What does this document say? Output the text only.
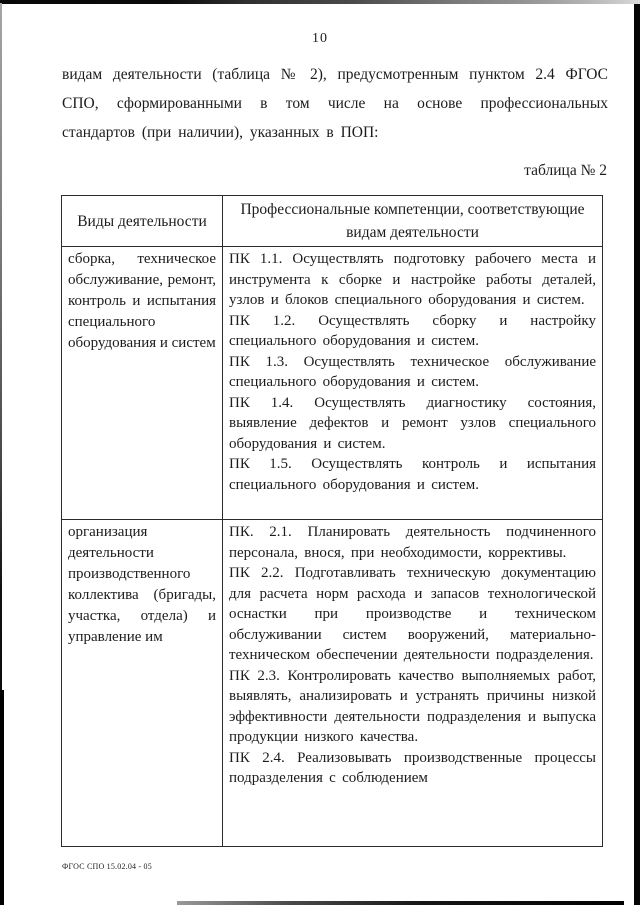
10

видам деятельности (таблица № 2), предусмотренным пунктом 2.4 ФГОС СПО, сформированными в том числе на основе профессиональных стандартов (при наличии), указанных в ПОП:

таблица № 2
Виды деятельности	Профессиональные компетенции, соответствующие видам деятельности

сборка, техническое обслуживание, ремонт, контроль и испытания специального оборудования и систем	ПК 1.1. Осуществлять подготовку рабочего места и инструмента к сборке и настройке работы деталей, узлов и блоков специального оборудования и систем.

ПК 1.2. Осуществлять сборку и настройку специального оборудования и систем.

ПК 1.3. Осуществлять техническое обслуживание специального оборудования и систем.

ПК 1.4. Осуществлять диагностику состояния, выявление дефектов и ремонт узлов специального оборудования и систем.

ПК 1.5. Осуществлять контроль и испытания специального оборудования и систем.

организация деятельности производственного коллектива (бригады, участка, отдела) и управление им	ПК. 2.1. Планировать деятельность подчиненного персонала, внося, при необходимости, коррективы.

ПК 2.2. Подготавливать техническую документацию для расчета норм расхода и запасов технологической оснастки при производстве и техническом обслуживании систем вооружений, материально-техническом обеспечении деятельности подразделения.

ПК 2.3. Контролировать качество выполняемых работ, выявлять, анализировать и устранять причины низкой эффективности деятельности подразделения и выпуска продукции низкого качества.

ПК 2.4. Реализовывать производственные процессы подразделения с соблюдением

ФГОС СПО 15.02.04 - 05
